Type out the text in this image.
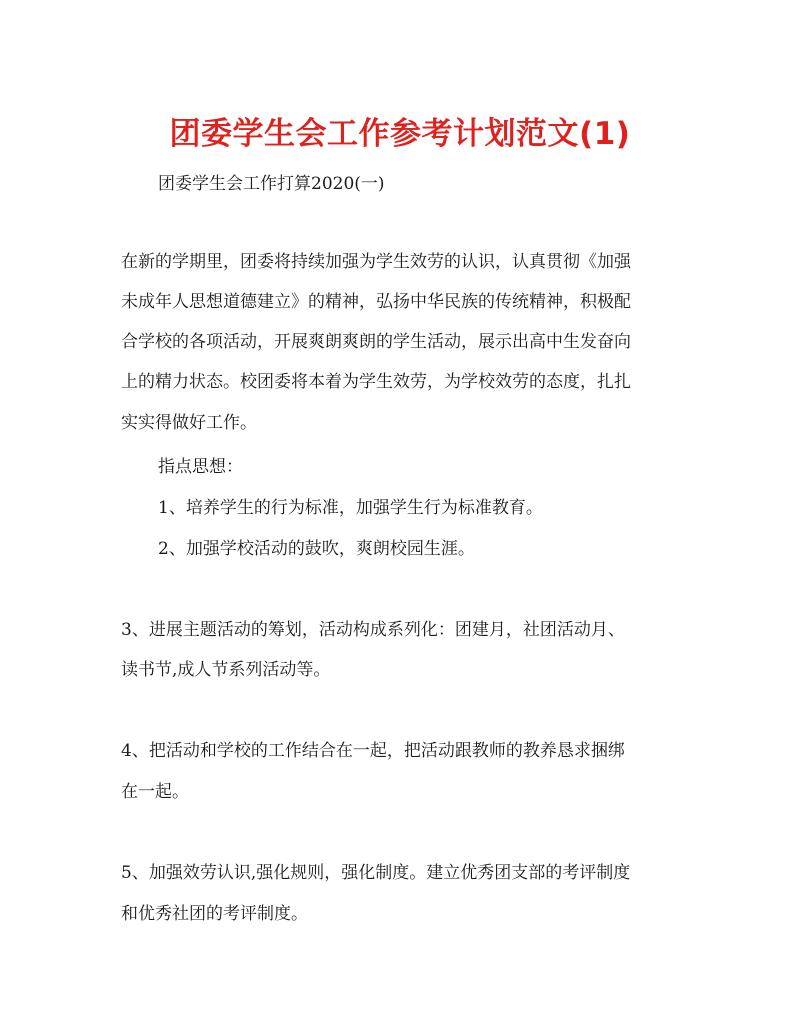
团委学生会工作参考计划范文(1)
团委学生会工作打算2020(一)
在新的学期里，团委将持续加强为学生效劳的认识，认真贯彻《加强
未成年人思想道德建立》的精神，弘扬中华民族的传统精神，积极配
合学校的各项活动，开展爽朗爽朗的学生活动，展示出高中生发奋向
上的精力状态。校团委将本着为学生效劳，为学校效劳的态度，扎扎
实实得做好工作。
指点思想：
1、培养学生的行为标准，加强学生行为标准教育。
2、加强学校活动的鼓吹，爽朗校园生涯。
3、进展主题活动的筹划，活动构成系列化：团建月，社团活动月、
读书节,成人节系列活动等。
4、把活动和学校的工作结合在一起，把活动跟教师的教养恳求捆绑
在一起。
5、加强效劳认识,强化规则，强化制度。建立优秀团支部的考评制度
和优秀社团的考评制度。
